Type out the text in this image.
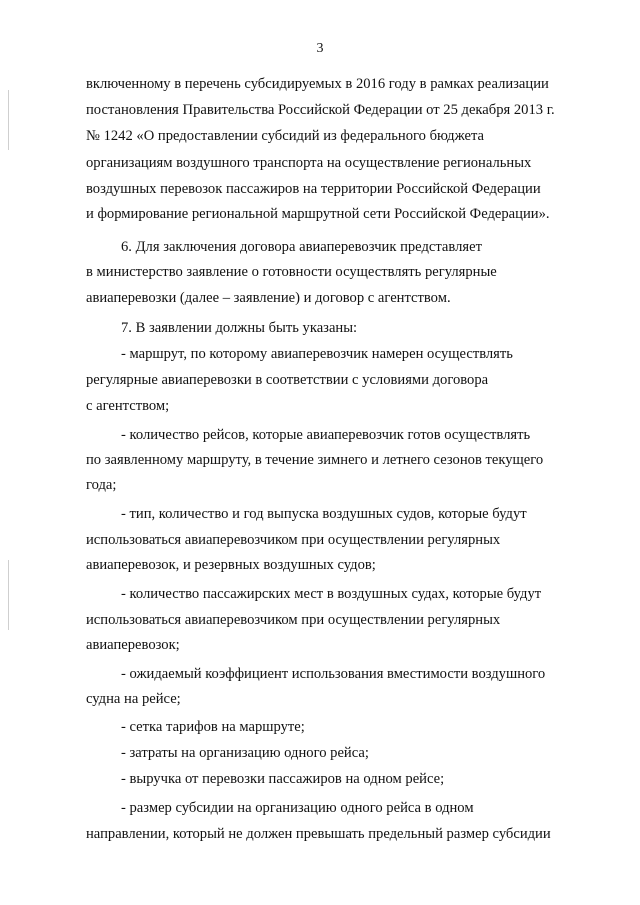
3
включенному в перечень субсидируемых в 2016 году в рамках реализации
постановления Правительства Российской Федерации от 25 декабря 2013 г.
№ 1242 «О предоставлении субсидий из федерального бюджета
организациям воздушного транспорта на осуществление региональных
воздушных перевозок пассажиров на территории Российской Федерации
и формирование региональной маршрутной сети Российской Федерации».
6. Для заключения договора авиаперевозчик представляет
в министерство заявление о готовности осуществлять регулярные
авиаперевозки (далее – заявление) и договор с агентством.
7. В заявлении должны быть указаны:
- маршрут, по которому авиаперевозчик намерен осуществлять
регулярные авиаперевозки в соответствии с условиями договора
с агентством;
- количество рейсов, которые авиаперевозчик готов осуществлять
по заявленному маршруту, в течение зимнего и летнего сезонов текущего
года;
- тип, количество и год выпуска воздушных судов, которые будут
использоваться авиаперевозчиком при осуществлении регулярных
авиаперевозок, и резервных воздушных судов;
- количество пассажирских мест в воздушных судах, которые будут
использоваться авиаперевозчиком при осуществлении регулярных
авиаперевозок;
- ожидаемый коэффициент использования вместимости воздушного
судна на рейсе;
- сетка тарифов на маршруте;
- затраты на организацию одного рейса;
- выручка от перевозки пассажиров на одном рейсе;
- размер субсидии на организацию одного рейса в одном
направлении, который не должен превышать предельный размер субсидии
